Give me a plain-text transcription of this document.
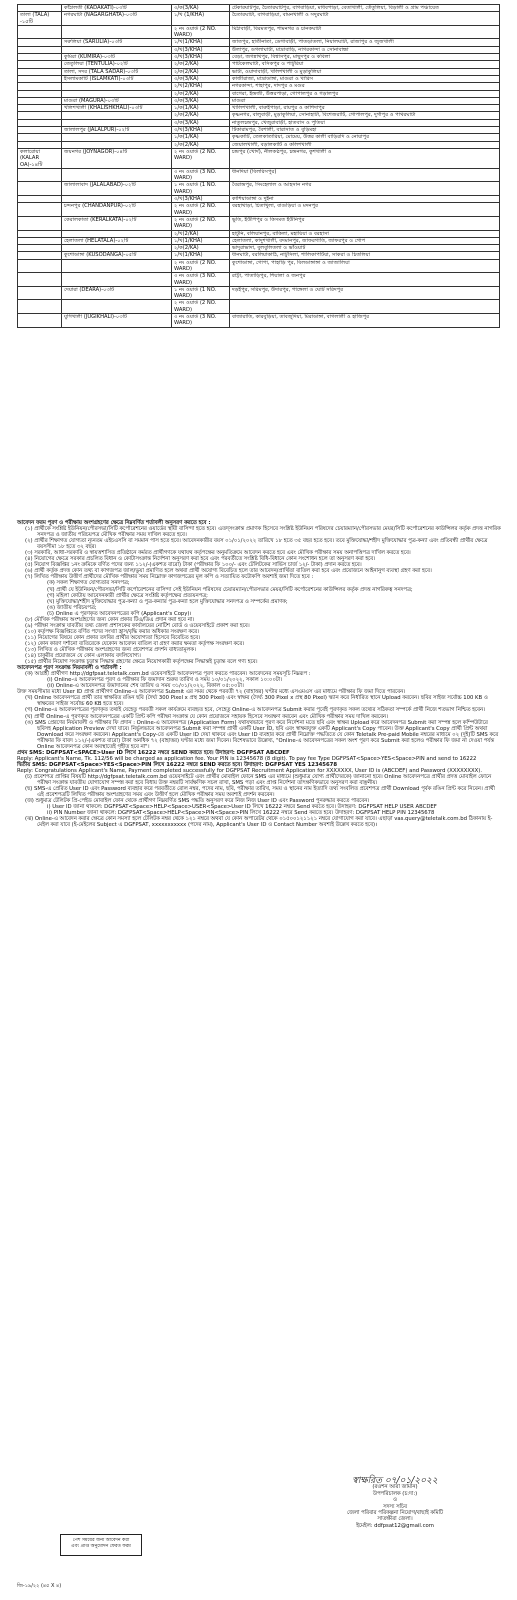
	কাঁঠালতী (KADAKATI)-০৩টি	৩/ক(3/KA)	টেকারঘাটপুর, চৈতারঘাটপুর, বাগবাড়িয়া, মাধবপাড়া, বেতাখালী, তেঁতুলিয়া, বিড়ালী ও গ্রাম পঞ্চায়েত
তালা (TALA) -১৫টি	নগরঘাটা (NAGARGHATA)-০৩টি	১/খ (1/KHA)	চৈতারঘাটা, বাগবাড়িয়া, বামনখালী ও সদুরঘাটা
		২ নং ওয়ার্ড (2 NO. WARD)	মিঠাবাড়ী, বিরমতপুর, শামনগর ও চানকঘাটা
	সরুলিয়া (SARULIA)-০৩টি	১/খ(1/KHA)	জাতপুর, হাতীনাতা, ডেগাবাড়ী, পাতড়াতলা, নিয়ালঘাটা, রাজাপুর ও জুজখালী
		৩/খ(3/KHA)	উলাপুর, ডগলাঘাটা, মাদ্রাবাড়ি, নাগরকান্দা ও সোনাবান্ধা
	কুমিরা (KUMIRA)-০৩টি	৩/খ(3/KHA)	বেড়া, জগন্নাথপুর, বিশ্বাসপুর, মাছুদপুর ও কবিলা
	তেতুলিয়া (TENTULIA)-০২টি	২/ক(2/KA)	পাটকেলঘাটা, বসিকপুর ও পাটুরিয়া
	তালা, সদর (TALA SADAR)-০৩টি	২/ক(2/KA)	ভাটা, ওয়াদাবাড়ী, খলিশখালী ও মুড়াকুলিয়া
	ইসলামকাটি (ISLAMKATI)-০৩টি	৩/ক(3/KA)	কাজীরাজা, মাদ্রাডাঙ্গা, মাগুরা ও খারিস
		২/খ(2/KHA)	নগরকান্দা, শাহাপুর, দাদপুর ও মগুর
		২/ক(2/KA)	বাগেরা, ইন্দ্রজী, উত্তরপাড়া, গোপালপুর ও গড়ালপুর
	মাগুরা (MAGURA)-০৩টি	৩/ক(3/KA)	মাগুরা
	খলিশখালী (KHALISHKHALI)-০৩টি	১/ক(1/KA)	খালিশখালী, বারুইপাড়া, রায়পুর ও কাশিদাপুর
		২/ক(2/KA)	কৃষ্ণনগর, বালুবাড়ী, মুড়াকুলিয়া, সোনাহাটা, বিশেজরাটি, গোপালপুর, দুর্গাপুর ও পাথরঘাটা
		৩/ক(3/KA)	নাতুলচন্দ্রপুর, খেজুরাবাড়ী, হাতবাস ও পুতিয়া
	জালালপুর (JALALPUR)-০২টি	৩/খ(3/KHA)	টিকারামপুর, বৈশালী, বারাসাত ও বুড়িমহা
		১/ক(1/KA)	কৃষ্ণকাটি, তেলকাতারিয়া, মোমেয়, উত্তর কালী বাড়িরদি ও নোয়াপুর
		২/ক(2/KA)	জেয়ালখালী, বড়ালকাটি ও কলিশখালী
কলারোয়া (KALAR OA)-১৪টি	জয়নগর (JOYNAGOR)-০৪টি	২ নং ওয়ার্ড (2 NO. WARD)	চন্দ্রপুর (খোর্দ), নীলকণ্ঠপুর, চন্দ্রনগর, কুশখালী ও
		৩ নং ওয়ার্ড (3 NO. WARD)	ধানদিয়া (বিলরিসপুর)
	জালালাবাদ (JALALABAD)-০২টি	১ নং ওয়ার্ড (1 NO. WARD)	বৈরান্দ্রপুর, সিংহেলাল ও আহসান নগর
		৩/খ(3/KHA)	কাশিয়াডাঙ্গা ও দুইনা
	চন্দনপুর (CHANDANPUR)-০২টি	২ নং ওয়ার্ড (2 NO. WARD)	বরহাথাড়া, চিতাখুলা, বাগুড়িয়া ও মদনপুর
	কেরালকাতা (KERALKATA)-০২টি	২ নং ওয়ার্ড (2 NO. WARD)	ভুতি, ইউপিপুর ও কিসমত ইউনিপুর
		২/খ(2/KA)	হাটুনি, বলিয়ানপুর, বাকিলা, মহায়িয়া ও বরহাসা
	হেলাতলা (HELATALA)-০২টি	১/খ(1/KHA)	হেলাতলা, কাদুশখালী, বদমানপুর, জাফরগাতি, জাফরপুর ও গোপ
		২/ক(2/KA)	ভাদুরাভাদা, বুলবুলিতলা ও ভাঁওয়াট
	কুশোডাঙ্গা (KUSODANGA)-০৫টি	১/খ(1/KHA)	ধানঘাটা, বরলিয়াকাঠি, নাটুসিলা, শালিকাপটিয়া, সাকরা ও চিতলিয়া
		২ নং ওয়ার্ড (2 NO. WARD)	কুশোডাঙ্গা, গোপা, পাহাড়ি পুর, বিলডাঙ্গাঙ্গা ও জাজালিয়া
		৩ নং ওয়ার্ড (3 NO. WARD)	রাট্টা, পাতাড়িপুর, শিয়ালা ও জনপুর
	দেয়ারা (DEARA)-০৩টি	১ নং ওয়ার্ড (1 NO. WARD)	দড়ইপুর, সরিমপুর, উদারপুর, পাঙ্গেলা ও ঘোট সরিদপুর
		২ নং ওয়ার্ড (2 NO. WARD)	
	যুগিখালী (JUGIKHALI)-০৩টি	৩ নং ওয়ার্ড (3 NO. WARD)	বাজারাতি, কারবুড়িয়া, তাবজুদিয়া, মিরাডাঙ্গা, বাগলালী ও হাজিপুর

আবেদন ফরম পূরণ ও পরীক্ষায় অংশগ্রহণের ক্ষেত্রে নিম্নবর্ণিত শর্তাবলী অনুসরণ করতে হবে :

(১) প্রার্থীকে সংশ্লিষ্ট ইউনিয়ন/পৌরসভা/সিটি কর্পোরেশনের ওয়ার্ডের স্থায়ী বাসিন্দা হতে হবে। এতদ্সংক্রান্ত প্রমাণক হিসেবে সংশ্লিষ্ট ইউনিয়ন পরিষদের চেয়ারম্যান/পৌরসভার মেয়র/সিটি কর্পোরেশনের কাউন্সিলর কর্তৃক প্রদত্ত নাগরিক সনদপত্র ও জাতীয় পরিচয়পত্র মৌখিক পরীক্ষার সময় দাখিল করতে হবে।

(২) প্রার্থীর শিক্ষাগত যোগ্যতা ন্যূনতম এইচএসসি বা সমমান পাস হতে হবে। আবেদনকারীর বয়স ০১/০১/২০২২ তারিখে ১৮ হতে ৩৫ বছর হতে হবে। তবে মুক্তিযোদ্ধা/শহীদ মুক্তিযোদ্ধার পুত্র-কন্যা এবং প্রতিবন্ধী প্রার্থীর ক্ষেত্রে বয়সসীমা ১৮ হতে ৩২ বছর।

(৩) সরকারি, আধা-সরকারি ও স্বায়ত্তশাসিত প্রতিষ্ঠানে কর্মরত প্রার্থীগণকে যথাযথ কর্তৃপক্ষের অনুমতিক্রমে আবেদন করতে হবে এবং মৌখিক পরীক্ষার সময় অনাপত্তিপত্র দাখিল করতে হবে।

(৪) নিয়োগের ক্ষেত্রে সরকার প্রচলিত বিধান ও কোটাসংক্রান্ত নির্দেশনা অনুসরণ করা হবে এবং পরবর্তীতে সংশ্লিষ্ট বিধি-বিধানে কোন সংশোধন হলে তা অনুসরণ করা হবে।

(৫) নিয়োগ বিজ্ঞপ্তির ১নং ক্রমিকে বর্ণিত পদের জন্য ১১২/-(একশত বারো) টাকা (পরীক্ষার ফি ১০০/- এবং টেলিটকের সার্ভিস চার্জ ১২/- টাকা) প্রদান করতে হবে।

(৬) প্রার্থী কর্তৃক প্রদত্ত কোন তথ্য বা কাগজপত্র জাল/ভুয়া প্রমাণিত হলে অথবা প্রার্থী অযোগ্য বিবেচিত হলে তার আবেদন/প্রার্থিতা বাতিল করা হবে এবং প্রয়োজনে আইনানুগ ব্যবস্থা গ্রহণ করা হবে।

(৭) লিখিত পরীক্ষায় উত্তীর্ণ প্রার্থীদের মৌখিক পরীক্ষার সময় নিম্নোক্ত কাগজপত্রের মূল কপি ও সত্যায়িত ফটোকপি অবশ্যই জমা দিতে হবে :

(ক) সকল শিক্ষাগত যোগ্যতার সনদপত্র;

(খ) প্রার্থী যে ইউনিয়ন/পৌরসভা/সিটি কর্পোরেশনের বাসিন্দা সেই ইউনিয়ন পরিষদের চেয়ারম্যান/পৌরসভার মেয়র/সিটি কর্পোরেশনের কাউন্সিলর কর্তৃক প্রদত্ত নাগরিকত্ব সনদপত্র;

(গ) মহিলা কোটায় আবেদনকারী প্রার্থীর ক্ষেত্রে সংশ্লিষ্ট কর্তৃপক্ষের প্রত্যয়নপত্র;

(ঘ) মুক্তিযোদ্ধা/শহীদ মুক্তিযোদ্ধার পুত্র-কন্যা ও পুত্র-কন্যার পুত্র-কন্যা হলে মুক্তিযোদ্ধার সনদপত্র ও সম্পর্কের প্রমাণক;

(ঙ) জাতীয় পরিচয়পত্র;

(চ) Online এ পূরণকৃত আবেদনপত্রের কপি (Applicant's Copy)।

(৮) মৌখিক পরীক্ষায় অংশগ্রহণের জন্য কোন প্রকার টিএ/ডিএ প্রদান করা হবে না।

(৯) পরীক্ষা সংক্রান্ত যাবতীয় তথ্য জেলা প্রশাসকের কার্যালয়ের নোটিশ বোর্ড ও ওয়েবসাইটে প্রকাশ করা হবে।

(১০) কর্তৃপক্ষ বিজ্ঞপ্তিতে বর্ণিত পদের সংখ্যা হ্রাস/বৃদ্ধি করার অধিকার সংরক্ষণ করে।

(১১) নিয়োগের বিষয়ে কোন প্রকার তদবির প্রার্থীর অযোগ্যতা হিসেবে বিবেচিত হবে।

(১২) কোন কারণ দর্শানো ব্যতিরেকে যেকোন আবেদন বাতিল বা গ্রহণ করার ক্ষমতা কর্তৃপক্ষ সংরক্ষণ করে।

(১৩) লিখিত ও মৌখিক পরীক্ষায় অংশগ্রহণের জন্য প্রবেশপত্র প্রদর্শন বাধ্যতামূলক।

(১৪) চাকুরীর প্রয়োজনে যে কোন এলাকায় বদলিযোগ্য।

(১৫) প্রার্থীর নিয়োগ সংক্রান্ত চূড়ান্ত সিদ্ধান্ত গ্রহণের ক্ষেত্রে নিয়োগকারী কর্তৃপক্ষের সিদ্ধান্তই চূড়ান্ত বলে গণ্য হবে।

আবেদনপত্র পূরণ সংক্রান্ত নিয়মাবলী ও শর্তাবলী :

(ক) আগ্রহী প্রার্থীগণ http://dgfpsat.teletalk.com.bd ওয়েবসাইটে আবেদনপত্র পূরণ করতে পারবেন। আবেদনের সময়সূচি নিম্নরূপ :

(i) Online-এ আবেদনপত্র পূরণ ও পরীক্ষার ফি জমাদান শুরুর তারিখ ও সময় ১০/০১/২০২২, সকাল ১০:০০টা।

(ii) Online-এ আবেদনপত্র জমাদানের শেষ তারিখ ও সময় ৩১/০১/২০২২, বিকাল ০৫:০০টা।

উক্ত সময়সীমার মধ্যে User ID প্রাপ্ত প্রার্থীগণ Online-এ আবেদনপত্র Submit এর সময় থেকে পরবর্তী ৭২ (বাহাত্তর) ঘণ্টার মধ্যে এসএমএস এর মাধ্যমে পরীক্ষার ফি জমা দিতে পারবেন।

(খ) Online আবেদনপত্রে প্রার্থী তার স্বাক্ষরিত রঙিন ছবি (দৈর্ঘ্য 300 Pixel x প্রস্থ 300 Pixel) এবং স্বাক্ষর (দৈর্ঘ্য 300 Pixel x প্রস্থ 80 Pixel) স্ক্যান করে নির্ধারিত স্থানে Upload করবেন। ছবির সাইজ সর্বোচ্চ 100 KB ও স্বাক্ষরের সাইজ সর্বোচ্চ 60 KB হতে হবে।

(গ) Online-এ আবেদনপত্রের পূরণকৃত তথ্যই যেহেতু পরবর্তী সকল কার্যক্রমে ব্যবহৃত হবে, সেহেতু Online-এ আবেদনপত্র Submit করার পূর্বেই পূরণকৃত সকল তথ্যের সঠিকতা সম্পর্কে প্রার্থী নিজে শতভাগ নিশ্চিত হবেন।

(ঘ) প্রার্থী Online-এ পূরণকৃত আবেদনপত্রের একটি প্রিন্ট কপি পরীক্ষা সংক্রান্ত যে কোন প্রয়োজনে সহায়ক হিসেবে সংরক্ষণ করবেন এবং মৌখিক পরীক্ষার সময় দাখিল করবেন।

(ঙ) SMS প্রেরণের নিয়মাবলী ও পরীক্ষার ফি প্রদান : Online-এ আবেদনপত্র (Application Form) যথাযথভাবে পূরণ করে নির্দেশনা মতে ছবি এবং স্বাক্ষর Upload করে আবেদনপত্র Submit করা সম্পন্ন হলে কম্পিউটারে ছবিসহ Application Preview দেখা যাবে। নির্ভুলভাবে আবেদনপত্র Submit করা সম্পন্ন প্রার্থী একটি User ID, ছবি এবং স্বাক্ষরযুক্ত একটি Applicant's Copy পাবেন। উক্ত Applicant's Copy প্রার্থী প্রিন্ট অথবা Download করে সংরক্ষণ করবেন। Applicant's Copy-তে একটি User ID দেয়া থাকবে এবং User ID ব্যবহার করে প্রার্থী নিম্নোক্ত পদ্ধতিতে যে কোন Teletalk Pre-paid Mobile নম্বরের মাধ্যমে ০২ (দুই)টি SMS করে পরীক্ষার ফি বাবদ ১১২/-(একশত বারো) টাকা অনধিক ৭২ (বাহাত্তর) ঘণ্টার মধ্যে জমা দিবেন। বিশেষভাবে উল্লেখ্য, "Online-এ আবেদনপত্রের সকল অংশ পূরণ করে Submit করা হলেও পরীক্ষার ফি জমা না দেওয়া পর্যন্ত Online আবেদনপত্র কোন অবস্থাতেই গৃহীত হবে না"।

প্রথম SMS: DGFPSAT<SPACE>User ID লিখে 16222 নম্বরে SEND করতে হবে। উদাহরণ: DGFPSAT ABCDEF

Reply: Applicant's Name, Tk. 112/56 will be charged as application fee. Your PIN is 12345678 (8 digit). To pay fee Type DGFPSAT<Space>YES<Space>PIN and send to 16222

দ্বিতীয় SMS: DGFPSAT<Space>YES<Space>PIN লিখে 16222 নম্বরে SEND করতে হবে। উদাহরণ: DGFPSAT YES 12345678

Reply: Congratulations Applicant's Name, Payment completed successfully for DGFPSAT Recruitment Application for XXXXXXX, User ID is (ABCDEF) and Password (XXXXXXXX).

(চ) প্রবেশপত্র প্রাপ্তির বিষয়টি http://dgfpsat.teletalk.com.bd ওয়েবসাইটে এবং প্রার্থীর মোবাইল ফোনে SMS এর মাধ্যমে (শুধুমাত্র যোগ্য প্রার্থীদেরকে) জানানো হবে। Online আবেদনপত্রে প্রার্থীর প্রদত্ত মোবাইল ফোনে পরীক্ষা সংক্রান্ত যাবতীয় যোগাযোগ সম্পন্ন করা হবে বিধায় উক্ত নম্বরটি সার্বক্ষণিক সচল রাখা, SMS পড়া এবং প্রাপ্ত নির্দেশনা তাৎক্ষণিকভাবে অনুসরণ করা বাঞ্ছনীয়।

(ছ) SMS-এ প্রেরিত User ID এবং Password ব্যবহার করে পরবর্তীতে রোল নম্বর, পদের নাম, ছবি, পরীক্ষার তারিখ, সময় ও স্থানের নাম ইত্যাদি তথ্য সংবলিত প্রবেশপত্র প্রার্থী Download পূর্বক রঙিন প্রিন্ট করে নিবেন। প্রার্থী এই প্রবেশপত্রটি লিখিত পরীক্ষায় অংশগ্রহণের সময় এবং উত্তীর্ণ হলে মৌখিক পরীক্ষার সময় অবশ্যই প্রদর্শন করবেন।

(জ) শুধুমাত্র টেলিটক প্রি-পেইড মোবাইল ফোন থেকে প্রার্থীগণ নিম্নবর্ণিত SMS পদ্ধতি অনুসরণ করে নিজ নিজ User ID এবং Password পুনরুদ্ধার করতে পারবেন।

i) User ID জানা থাকলে: DGFPSAT<Space>HELP<Space>USER<Space>User ID লিখে 16222 নম্বরে Send করতে হবে। উদাহরণ: DGFPSAT HELP USER ABCDEF

ii) PIN Number জানা থাকলে: DGFPSAT<Space>HELP<Space>PIN<Space>PIN লিখে 16222 নম্বরে Send করতে হবে। উদাহরণ: DGFPSAT HELP PIN 12345678

(ঝ) Online-এ আবেদন করার ক্ষেত্রে কোন সমস্যা হলে টেলিটক নম্বর থেকে ১২১ নম্বরে অথবা যে কোন অপারেটর থেকে ০১৫০০১২১১২১ নম্বরে যোগাযোগ করা যাবে। এছাড়া vas.query@teletalk.com.bd ঠিকানায় ই-মেইল করা যাবে (ই-মেইলের Subject এ DGFPSAT, xxxxxxxxxxx (পদের নাম), Applicant's User ID ও Contact Number অবশ্যই উল্লেখ করতে হবে)।

স্বাক্ষরিত ০৭/০১/২০২২
(রওশন আরা জামান)
উপপরিচালক (চ:দা:)
ও
সদস্য সচিব
জেলা পরিবার পরিকল্পনা নিয়োগ/বাছাই কমিটি
সাতক্ষীরা জেলা।
ইমেইল: ddfpsat12@gmail.com
পেশ সময়ের জন্য আবেদন করা
এবং প্রাপ্ত অনুমোদন ফেরত ফরম
জি-১৯/২২ (৪৫ X ৪)
